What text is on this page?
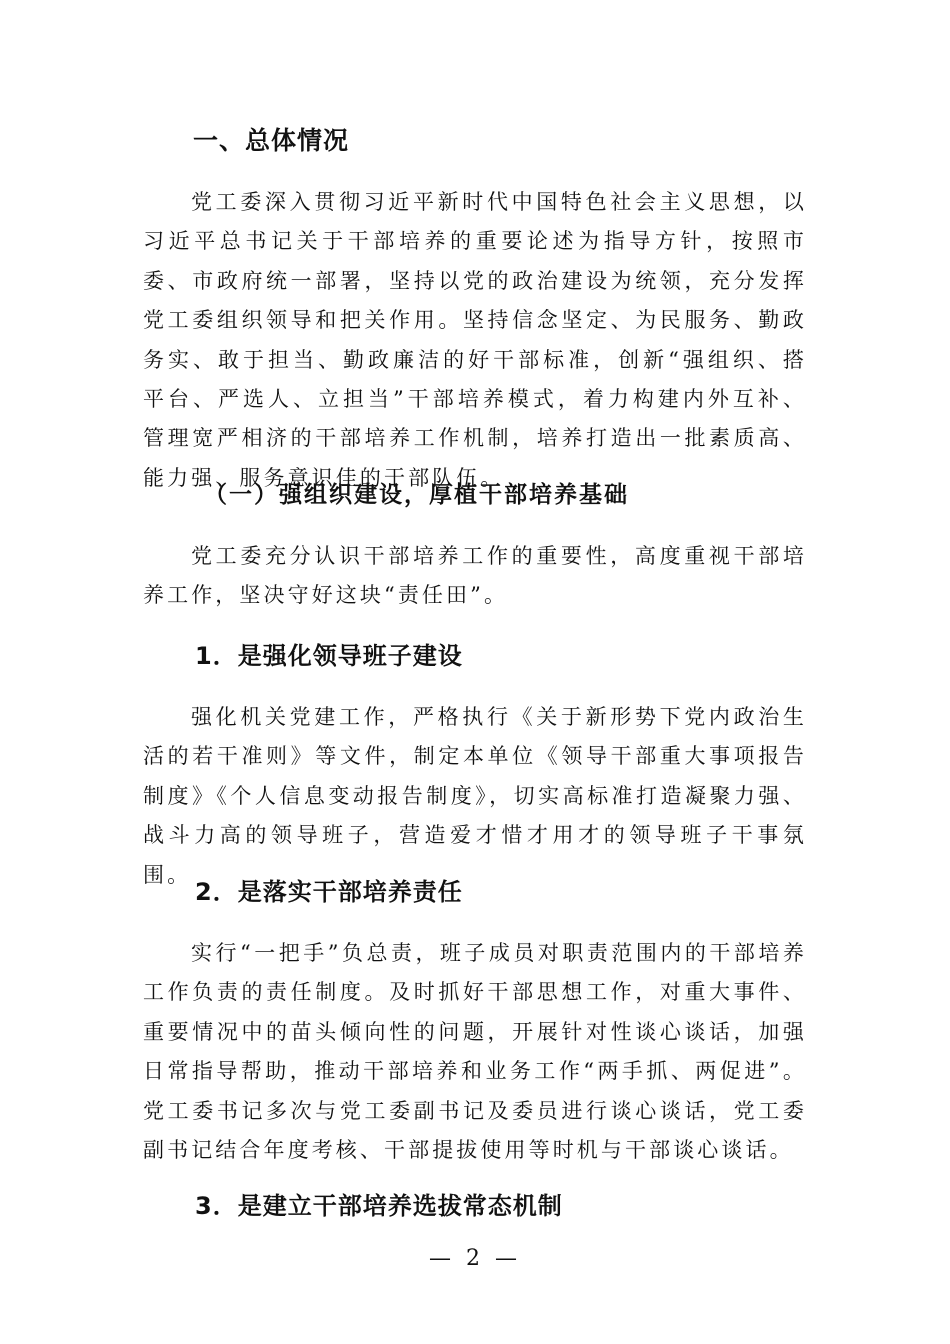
一、总体情况

党工委深入贯彻习近平新时代中国特色社会主义思想，以习近平总书记关于干部培养的重要论述为指导方针，按照市委、市政府统一部署，坚持以党的政治建设为统领，充分发挥党工委组织领导和把关作用。坚持信念坚定、为民服务、勤政务实、敢于担当、勤政廉洁的好干部标准，创新“强组织、搭平台、严选人、立担当”干部培养模式，着力构建内外互补、管理宽严相济的干部培养工作机制，培养打造出一批素质高、能力强、服务意识佳的干部队伍。

（一）强组织建设，厚植干部培养基础

党工委充分认识干部培养工作的重要性，高度重视干部培养工作，坚决守好这块“责任田”。

1．是强化领导班子建设

强化机关党建工作，严格执行《关于新形势下党内政治生活的若干准则》等文件，制定本单位《领导干部重大事项报告制度》《个人信息变动报告制度》，切实高标准打造凝聚力强、战斗力高的领导班子，营造爱才惜才用才的领导班子干事氛围。

2．是落实干部培养责任

实行“一把手”负总责，班子成员对职责范围内的干部培养工作负责的责任制度。及时抓好干部思想工作，对重大事件、重要情况中的苗头倾向性的问题，开展针对性谈心谈话，加强日常指导帮助，推动干部培养和业务工作“两手抓、两促进”。党工委书记多次与党工委副书记及委员进行谈心谈话，党工委副书记结合年度考核、干部提拔使用等时机与干部谈心谈话。

3．是建立干部培养选拔常态机制

— 2 —
